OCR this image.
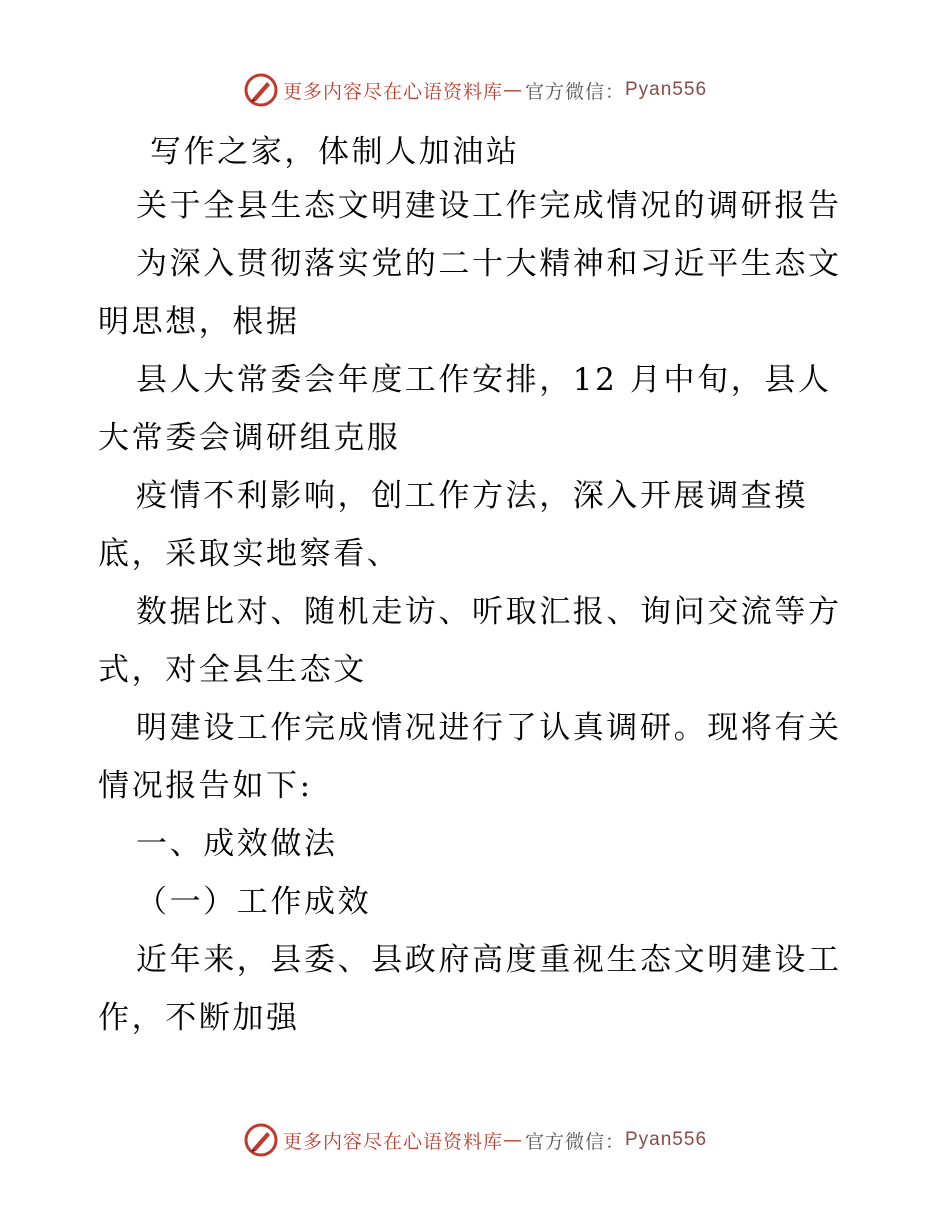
更多内容尽在心语资料库 — 官方微信： Pyan556
写作之家，体制人加油站
关于全县生态文明建设工作完成情况的调研报告
为深入贯彻落实党的二十大精神和习近平生态文
明思想，根据
县人大常委会年度工作安排，12 月中旬，县人
大常委会调研组克服
疫情不利影响，创工作方法，深入开展调查摸
底，采取实地察看、
数据比对、随机走访、听取汇报、询问交流等方
式，对全县生态文
明建设工作完成情况进行了认真调研。现将有关
情况报告如下:
一、成效做法
（一）工作成效
近年来，县委、县政府高度重视生态文明建设工
作，不断加强
更多内容尽在心语资料库 — 官方微信： Pyan556
